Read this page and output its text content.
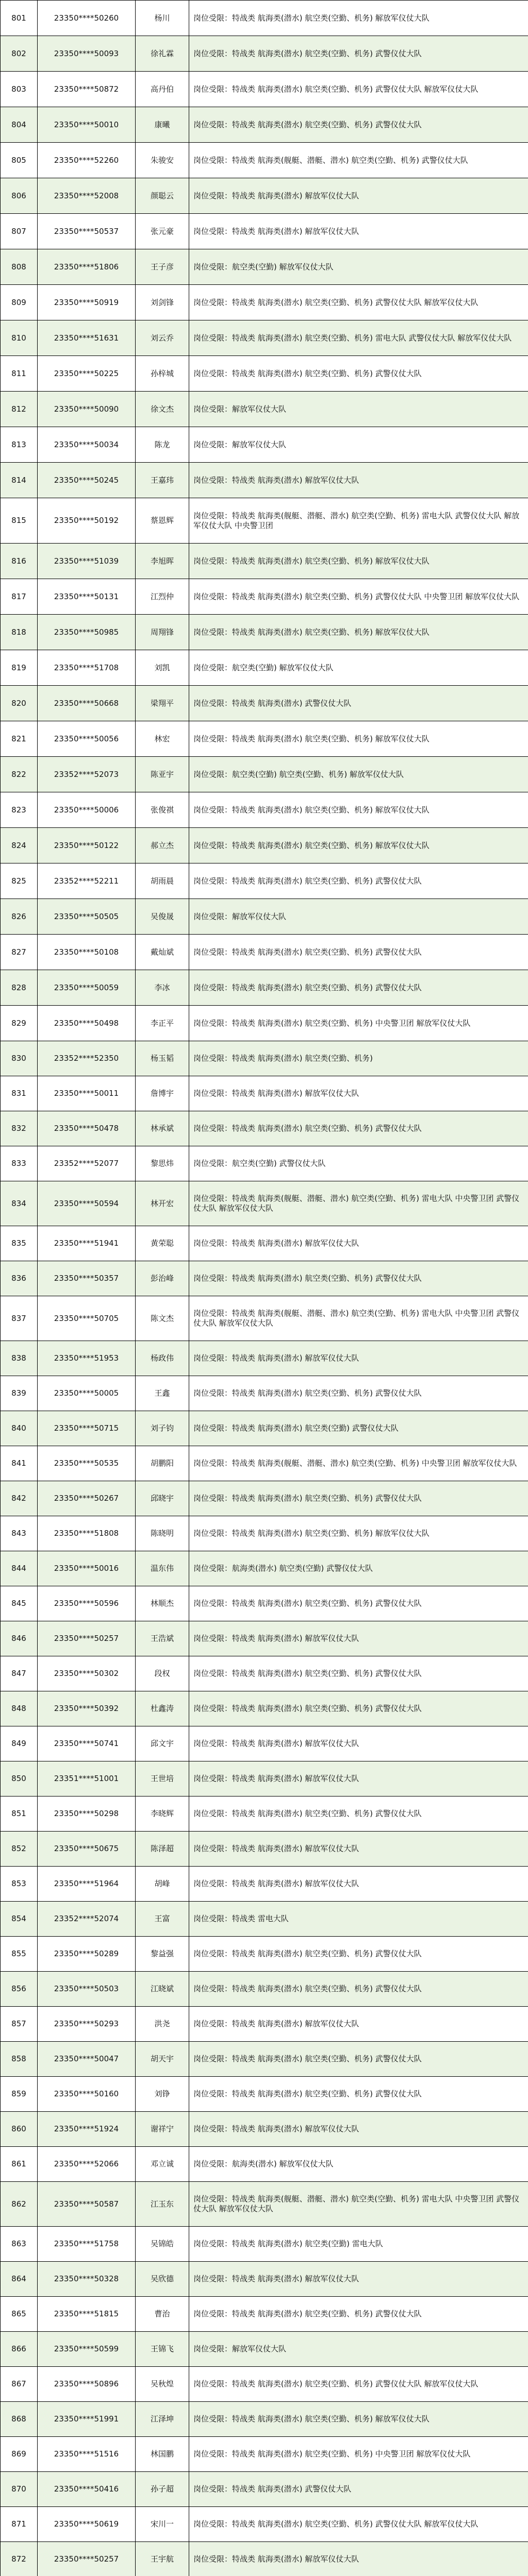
801	23350****50260	杨川	岗位受限：特战类 航海类(潜水) 航空类(空勤、机务) 解放军仪仗大队
802	23350****50093	徐礼霖	岗位受限：特战类 航海类(潜水) 航空类(空勤、机务) 武警仪仗大队
803	23350****50872	高丹伯	岗位受限：特战类 航海类(潜水) 航空类(空勤、机务) 武警仪仗大队 解放军仪仗大队
804	23350****50010	康曦	岗位受限：特战类 航海类(潜水) 航空类(空勤、机务) 武警仪仗大队
805	23350****52260	朱骏安	岗位受限：特战类 航海类(舰艇、潜艇、潜水) 航空类(空勤、机务) 武警仪仗大队
806	23350****52008	颜聪云	岗位受限：特战类 航海类(潜水) 解放军仪仗大队
807	23350****50537	张元豪	岗位受限：特战类 航海类(潜水) 解放军仪仗大队
808	23350****51806	王子彦	岗位受限：航空类(空勤) 解放军仪仗大队
809	23350****50919	刘剑锋	岗位受限：特战类 航海类(潜水) 航空类(空勤、机务) 武警仪仗大队 解放军仪仗大队
810	23350****51631	刘云乔	岗位受限：特战类 航海类(潜水) 航空类(空勤、机务) 雷电大队 武警仪仗大队 解放军仪仗大队
811	23350****50225	孙梓城	岗位受限：特战类 航海类(潜水) 航空类(空勤、机务) 武警仪仗大队
812	23350****50090	徐文杰	岗位受限：解放军仪仗大队
813	23350****50034	陈龙	岗位受限：解放军仪仗大队
814	23350****50245	王嘉玮	岗位受限：特战类 航海类(潜水) 解放军仪仗大队
815	23350****50192	蔡恩辉	岗位受限：特战类 航海类(舰艇、潜艇、潜水) 航空类(空勤、机务) 雷电大队 武警仪仗大队 解放军仪仗大队 中央警卫团
816	23350****51039	李旭晖	岗位受限：特战类 航海类(潜水) 航空类(空勤、机务) 解放军仪仗大队
817	23350****50131	江烈仲	岗位受限：特战类 航海类(潜水) 航空类(空勤、机务) 武警仪仗大队 中央警卫团 解放军仪仗大队
818	23350****50985	周翔锋	岗位受限：特战类 航海类(潜水) 航空类(空勤、机务) 解放军仪仗大队
819	23350****51708	刘凯	岗位受限：航空类(空勤) 解放军仪仗大队
820	23350****50668	梁翔平	岗位受限：特战类 航海类(潜水) 武警仪仗大队
821	23350****50056	林宏	岗位受限：特战类 航海类(潜水) 航空类(空勤、机务) 解放军仪仗大队
822	23352****52073	陈亚宇	岗位受限：航空类(空勤) 航空类(空勤、机务) 解放军仪仗大队
823	23350****50006	张俊祺	岗位受限：特战类 航海类(潜水) 航空类(空勤、机务) 解放军仪仗大队
824	23350****50122	郝立杰	岗位受限：特战类 航海类(潜水) 航空类(空勤、机务) 解放军仪仗大队
825	23352****52211	胡雨晨	岗位受限：特战类 航海类(潜水) 航空类(空勤、机务) 武警仪仗大队
826	23350****50505	吴俊晟	岗位受限：解放军仪仗大队
827	23350****50108	戴灿斌	岗位受限：特战类 航海类(潜水) 航空类(空勤、机务) 武警仪仗大队
828	23350****50059	李冰	岗位受限：特战类 航海类(潜水) 航空类(空勤、机务) 武警仪仗大队
829	23350****50498	李正平	岗位受限：特战类 航海类(潜水) 航空类(空勤、机务) 中央警卫团 解放军仪仗大队
830	23352****52350	杨玉韬	岗位受限：特战类 航海类(潜水) 航空类(空勤、机务)
831	23350****50011	詹博宇	岗位受限：特战类 航海类(潜水) 解放军仪仗大队
832	23350****50478	林承斌	岗位受限：特战类 航海类(潜水) 航空类(空勤、机务) 武警仪仗大队
833	23352****52077	黎思炜	岗位受限：航空类(空勤) 武警仪仗大队
834	23350****50594	林开宏	岗位受限：特战类 航海类(舰艇、潜艇、潜水) 航空类(空勤、机务) 雷电大队 中央警卫团 武警仪仗大队 解放军仪仗大队
835	23350****51941	黄荣聪	岗位受限：特战类 航海类(潜水) 解放军仪仗大队
836	23350****50357	彭治峰	岗位受限：特战类 航海类(潜水) 航空类(空勤、机务) 武警仪仗大队
837	23350****50705	陈文杰	岗位受限：特战类 航海类(舰艇、潜艇、潜水) 航空类(空勤、机务) 雷电大队 中央警卫团 武警仪仗大队 解放军仪仗大队
838	23350****51953	杨政伟	岗位受限：特战类 航海类(潜水) 解放军仪仗大队
839	23350****50005	王鑫	岗位受限：特战类 航海类(潜水) 航空类(空勤、机务) 武警仪仗大队
840	23350****50715	刘子钧	岗位受限：特战类 航海类(潜水) 航空类(空勤) 武警仪仗大队
841	23350****50535	胡鹏阳	岗位受限：特战类 航海类(舰艇、潜艇、潜水) 航空类(空勤、机务) 中央警卫团 解放军仪仗大队
842	23350****50267	邱晓宇	岗位受限：特战类 航海类(潜水) 航空类(空勤、机务) 武警仪仗大队
843	23350****51808	陈晓明	岗位受限：特战类 航海类(潜水) 航空类(空勤、机务) 解放军仪仗大队
844	23350****50016	温东伟	岗位受限：航海类(潜水) 航空类(空勤) 武警仪仗大队
845	23350****50596	林顺杰	岗位受限：特战类 航海类(潜水) 航空类(空勤、机务) 武警仪仗大队
846	23350****50257	王浩斌	岗位受限：特战类 航海类(潜水) 解放军仪仗大队
847	23350****50302	段权	岗位受限：特战类 航海类(潜水) 航空类(空勤、机务) 武警仪仗大队
848	23350****50392	杜鑫涛	岗位受限：特战类 航海类(潜水) 航空类(空勤、机务) 武警仪仗大队
849	23350****50741	邱文宇	岗位受限：特战类 航海类(潜水) 解放军仪仗大队
850	23351****51001	王世培	岗位受限：特战类 航海类(潜水) 解放军仪仗大队
851	23350****50298	李晓辉	岗位受限：特战类 航海类(潜水) 航空类(空勤、机务) 武警仪仗大队
852	23350****50675	陈泽超	岗位受限：特战类 航海类(潜水) 解放军仪仗大队
853	23350****51964	胡峰	岗位受限：特战类 航海类(潜水) 解放军仪仗大队
854	23352****52074	王富	岗位受限：特战类 雷电大队
855	23350****50289	黎益强	岗位受限：特战类 航海类(潜水) 航空类(空勤、机务) 武警仪仗大队
856	23350****50503	江晓斌	岗位受限：特战类 航海类(潜水) 航空类(空勤、机务) 武警仪仗大队
857	23350****50293	洪尧	岗位受限：特战类 航海类(潜水) 解放军仪仗大队
858	23350****50047	胡天宇	岗位受限：特战类 航海类(潜水) 航空类(空勤、机务) 武警仪仗大队
859	23350****50160	刘铮	岗位受限：特战类 航海类(潜水) 航空类(空勤、机务) 武警仪仗大队
860	23350****51924	谢祥宁	岗位受限：特战类 航海类(潜水) 解放军仪仗大队
861	23350****52066	邓立诚	岗位受限：航海类(潜水) 解放军仪仗大队
862	23350****50587	江玉东	岗位受限：特战类 航海类(舰艇、潜艇、潜水) 航空类(空勤、机务) 雷电大队 中央警卫团 武警仪仗大队 解放军仪仗大队
863	23350****51758	吴锦皓	岗位受限：特战类 航海类(潜水) 航空类(空勤) 雷电大队
864	23350****50328	吴欣德	岗位受限：特战类 航海类(潜水) 解放军仪仗大队
865	23350****51815	曹治	岗位受限：特战类 航海类(潜水) 航空类(空勤、机务) 武警仪仗大队
866	23350****50599	王锦飞	岗位受限：解放军仪仗大队
867	23350****50896	吴秋煌	岗位受限：特战类 航海类(潜水) 航空类(空勤、机务) 武警仪仗大队 解放军仪仗大队
868	23350****51991	江泽坤	岗位受限：特战类 航海类(潜水) 航空类(空勤、机务) 解放军仪仗大队
869	23350****51516	林国鹏	岗位受限：特战类 航海类(潜水) 航空类(空勤、机务) 中央警卫团 解放军仪仗大队
870	23350****50416	孙子超	岗位受限：特战类 航海类(潜水) 武警仪仗大队
871	23350****50619	宋川一	岗位受限：特战类 航海类(潜水) 航空类(空勤、机务) 武警仪仗大队 解放军仪仗大队
872	23350****50257	王宇航	岗位受限：特战类 航海类(潜水) 解放军仪仗大队
